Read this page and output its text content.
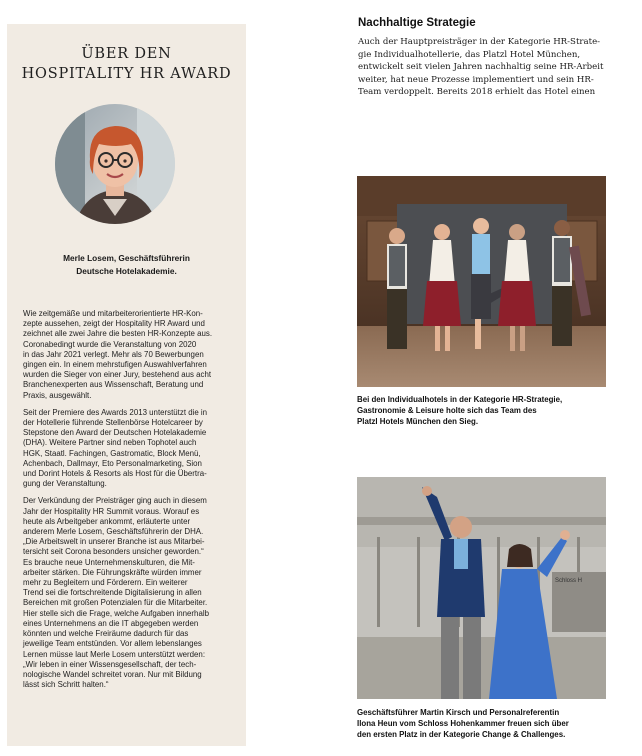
ÜBER DEN
HOSPITALITY HR AWARD
Merle Losem, Geschäftsführerin
Deutsche Hotelakademie.

Wie zeitgemäße und mitarbeiterorientierte HR-Kon-
zepte aussehen, zeigt der Hospitality HR Award und
zeichnet alle zwei Jahre die besten HR-Konzepte aus.
Coronabedingt wurde die Veranstaltung von 2020
in das Jahr 2021 verlegt. Mehr als 70 Bewerbungen
gingen ein. In einem mehrstufigen Auswahlverfahren
wurden die Sieger von einer Jury, bestehend aus acht
Branchenexperten aus Wissenschaft, Beratung und
Praxis, ausgewählt.

Seit der Premiere des Awards 2013 unterstützt die in
der Hotellerie führende Stellenbörse Hotelcareer by
Stepstone den Award der Deutschen Hotelakademie
(DHA). Weitere Partner sind neben Tophotel auch
HGK, Staatl. Fachingen, Gastromatic, Block Menü,
Achenbach, Dallmayr, Eto Personalmarketing, Sion
und Dorint Hotels & Resorts als Host für die Übertra-
gung der Veranstaltung.

Der Verkündung der Preisträger ging auch in diesem
Jahr der Hospitality HR Summit voraus. Worauf es
heute als Arbeitgeber ankommt, erläuterte unter
anderem Merle Losem, Geschäftsführerin der DHA.
„Die Arbeitswelt in unserer Branche ist aus Mitarbei-
tersicht seit Corona besonders unsicher geworden.“
Es brauche neue Unternehmenskulturen, die Mit-
arbeiter stärken. Die Führungskräfte würden immer
mehr zu Begleitern und Förderern. Ein weiterer
Trend sei die fortschreitende Digitalisierung in allen
Bereichen mit großen Potenzialen für die Mitarbeiter.
Hier stelle sich die Frage, welche Aufgaben innerhalb
eines Unternehmens an die IT abgegeben werden
könnten und welche Freiräume dadurch für das
jeweilige Team entstünden. Vor allem lebenslanges
Lernen müsse laut Merle Losem unterstützt werden:
„Wir leben in einer Wissensgesellschaft, der tech-
nologische Wandel schreitet voran. Nur mit Bildung
lässt sich Schritt halten.“

Nachhaltige Strategie
Auch der Hauptpreisträger in der Kategorie HR-Strate-
gie Individualhotellerie, das Platzl Hotel München,
entwickelt seit vielen Jahren nachhaltig seine HR-Arbeit
weiter, hat neue Prozesse implementiert und sein HR-
Team verdoppelt. Bereits 2018 erhielt das Hotel einen
Bei den Individualhotels in der Kategorie HR-Strategie,
Gastronomie & Leisure holte sich das Team des
Platzl Hotels München den Sieg.
Schloss H
Geschäftsführer Martin Kirsch und Personalreferentin
Ilona Heun vom Schloss Hohenkammer freuen sich über
den ersten Platz in der Kategorie Change & Challenges.
